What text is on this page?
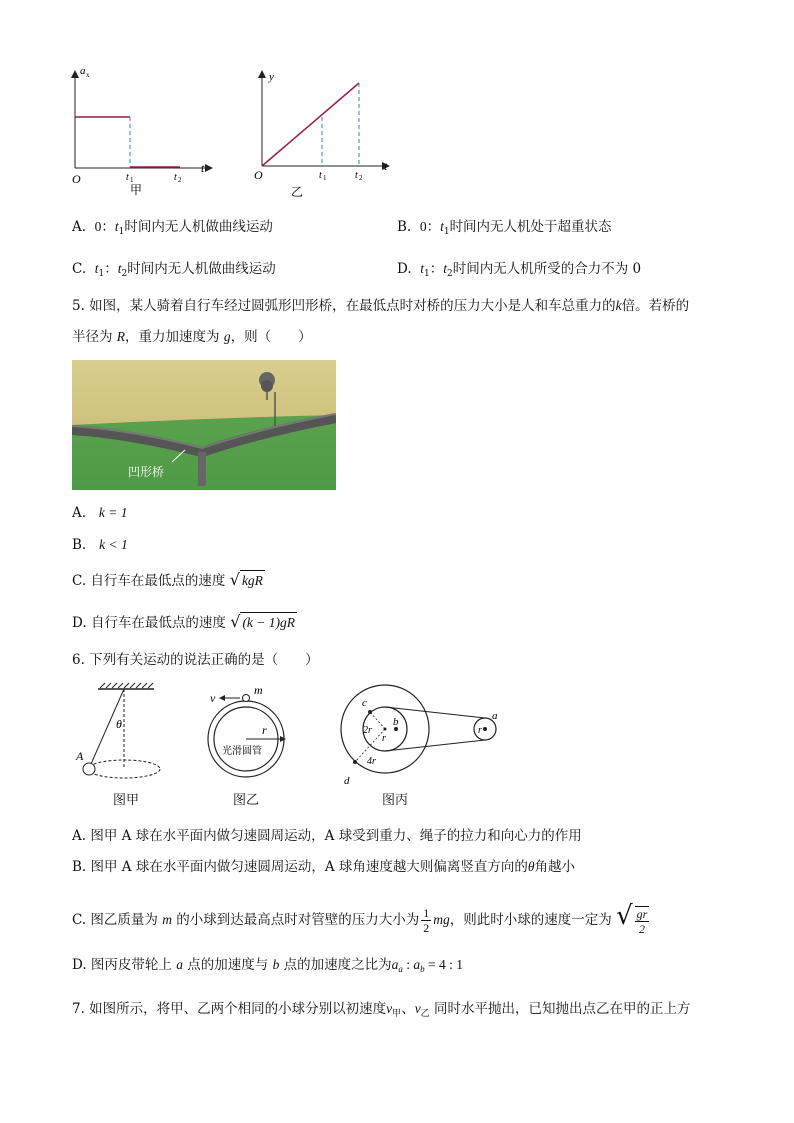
a x
O	t 1	t 2
t
甲
y
O	t 1	t 2
t
乙
A. 0：$t_1$时间内无人机做曲线运动	B. 0：$t_1$时间内无人机处于超重状态
C. $t_1$：$t_2$时间内无人机做曲线运动	D. $t_1$：$t_2$时间内无人机所受的合力不为 0
5. 如图，某人骑着自行车经过圆弧形凹形桥，在最低点时对桥的压力大小是人和车总重力的k倍。若桥的
半径为 R，重力加速度为 g，则（　　）
凹形桥
A. k = 1
B. k < 1
C. 自行车在最低点的速度 √ kgR
D. 自行车在最低点的速度 √ (k − 1)gR
6. 下列有关运动的说法正确的是（　　）
θ
A
图甲
v
m
r
光滑圆管
图乙
c
b	a
d
r
2r
r
4r
图丙
A. 图甲 A 球在水平面内做匀速圆周运动，A 球受到重力、绳子的拉力和向心力的作用
B. 图甲 A 球在水平面内做匀速圆周运动，A 球角速度越大则偏离竖直方向的θ角越小
C. 图乙质量为 m 的小球到达最高点时对管壁的压力大小为 $\frac{1}{2}$ mg，则此时小球的速度一定为 √ $\frac{gr}{2}$
D. 图丙皮带轮上 a 点的加速度与 b 点的加速度之比为$a_a$ : $a_b = 4$ : 1
7. 如图所示，将甲、乙两个相同的小球分别以初速度$v_甲$、$v_乙$ 同时水平抛出，已知抛出点乙在甲的正上方
